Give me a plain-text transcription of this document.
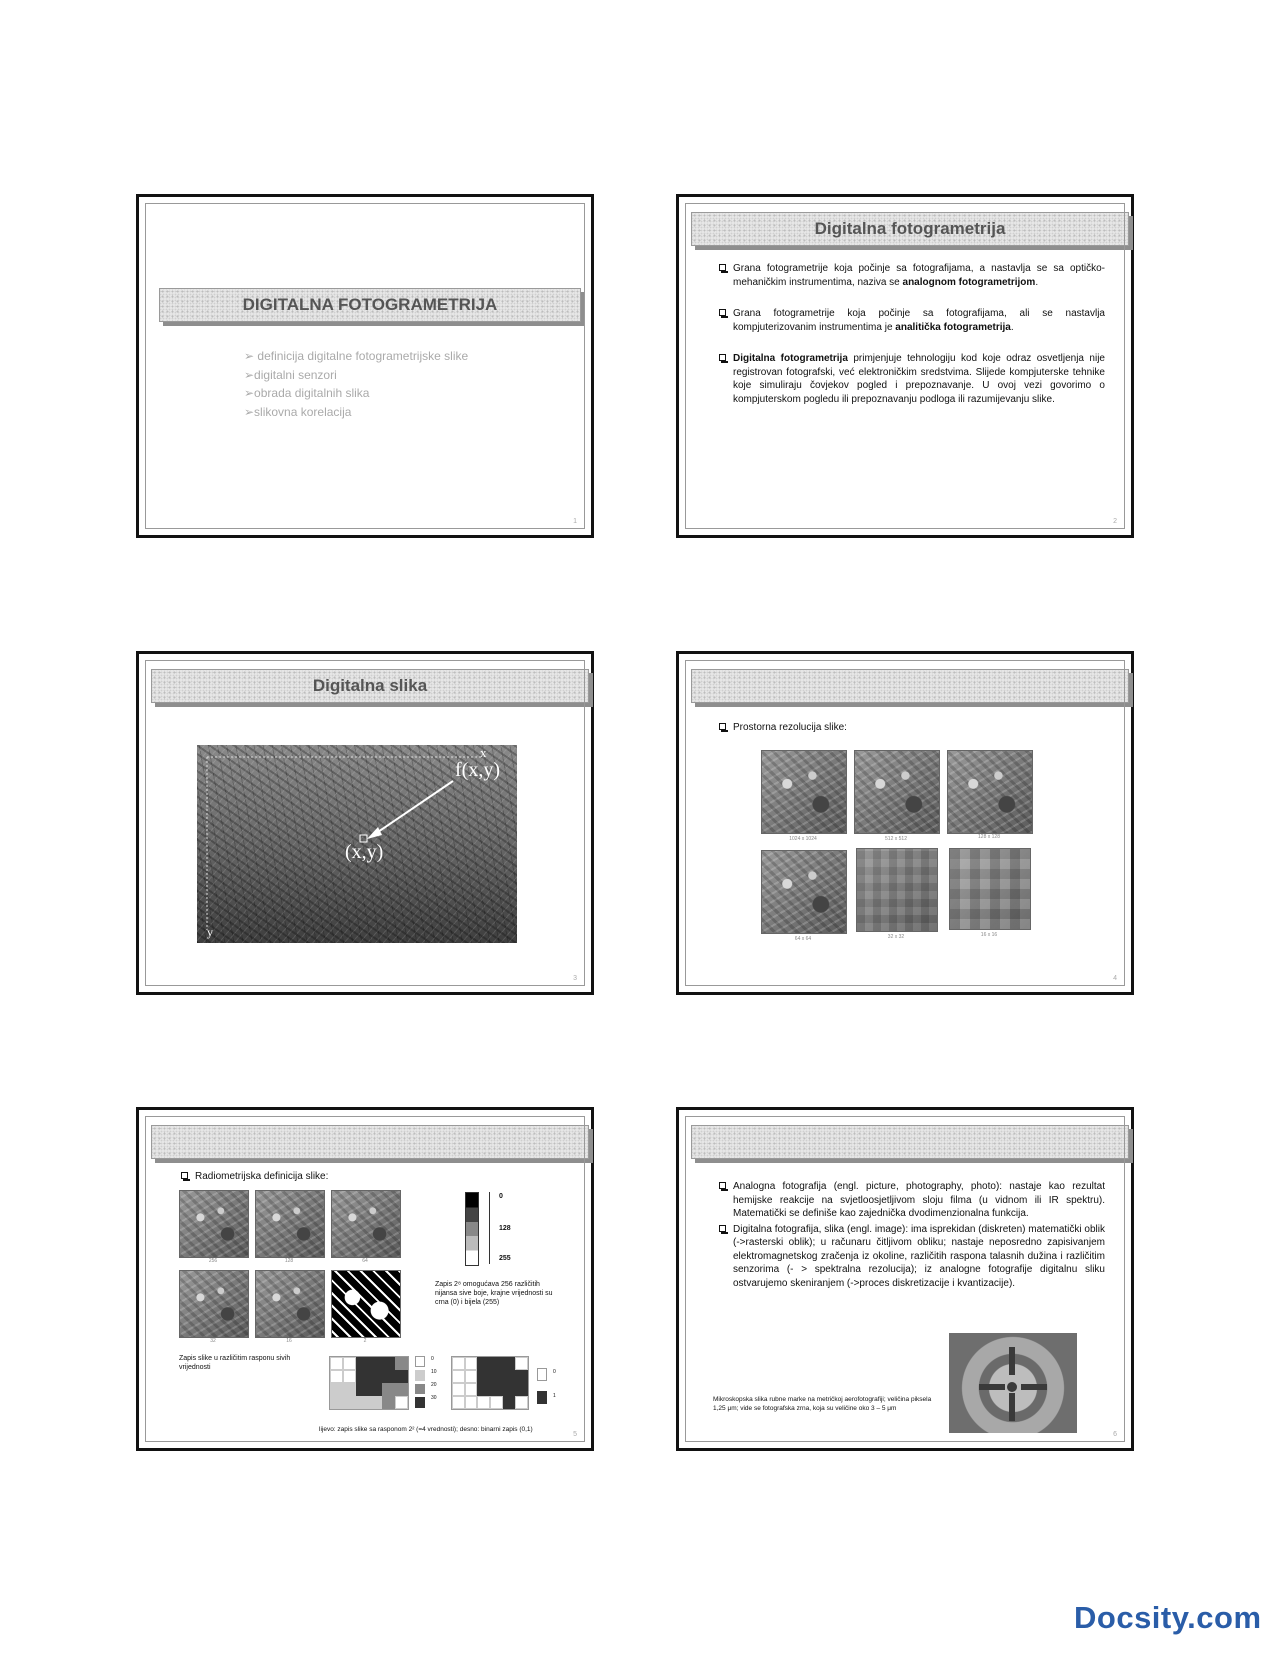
DIGITALNA FOTOGRAMETRIJA
➢ definicija digitalne fotogrametrijske slike
➢digitalni senzori
➢obrada digitalnih slika
➢slikovna korelacija
1
Digitalna fotogrametrija
Grana fotogrametrije koja počinje sa fotografijama, a nastavlja se sa optičko-mehaničkim instrumentima, naziva se analognom fotogrametrijom.
Grana fotogrametrije koja počinje sa fotografijama, ali se nastavlja kompjuterizovanim instrumentima je analitička fotogrametrija.
Digitalna fotogrametrija primjenjuje tehnologiju kod koje odraz osvetljenja nije registrovan fotografski, već elektroničkim sredstvima. Slijede kompjuterske tehnike koje simuliraju čovjekov pogled i prepoznavanje. U ovoj vezi govorimo o kompjuterskom pogledu ili prepoznavanju podloga ili razumijevanju slike.
2
Digitalna slika
x
f(x,y)
(x,y)
y
3
Prostorna rezolucija slike:
1024 x 1024	512 x 512	128 x 128
64 x 64	32 x 32	16 x 16
4
Radiometrijska definicija slike:
256	128	64
32	16	2
0
128
255
Zapis 2⁸ omogućava 256 različitih nijansa sive boje, krajne vrijednosti su crna (0) i bijela (255)
Zapis slike u različitim rasponu sivih vrijednosti
0
10
20
30
0
1
lijevo: zapis slike sa rasponom 2² (=4 vrednosti); desno: binarni zapis (0,1)
5
Analogna fotografija (engl. picture, photography, photo): nastaje kao rezultat hemijske reakcije na svjetloosjetljivom sloju filma (u vidnom ili IR spektru). Matematički se definiše kao zajednička dvodimenzionalna funkcija.
Digitalna fotografija, slika (engl. image): ima isprekidan (diskreten) matematički oblik (->rasterski oblik); u računaru čitljivom obliku; nastaje neposredno zapisivanjem elektromagnetskog zračenja iz okoline, različitih raspona talasnih dužina i različitim senzorima (- > spektralna rezolucija); iz analogne fotografije digitalnu sliku ostvarujemo skeniranjem (->proces diskretizacije i kvantizacije).
Mikroskopska slika rubne marke na metričkoj aerofotografiji; veličina piksela 1,25 μm; vide se fotografska zrna, koja su veličine oko 3 – 5 μm
6
Docsity.com
